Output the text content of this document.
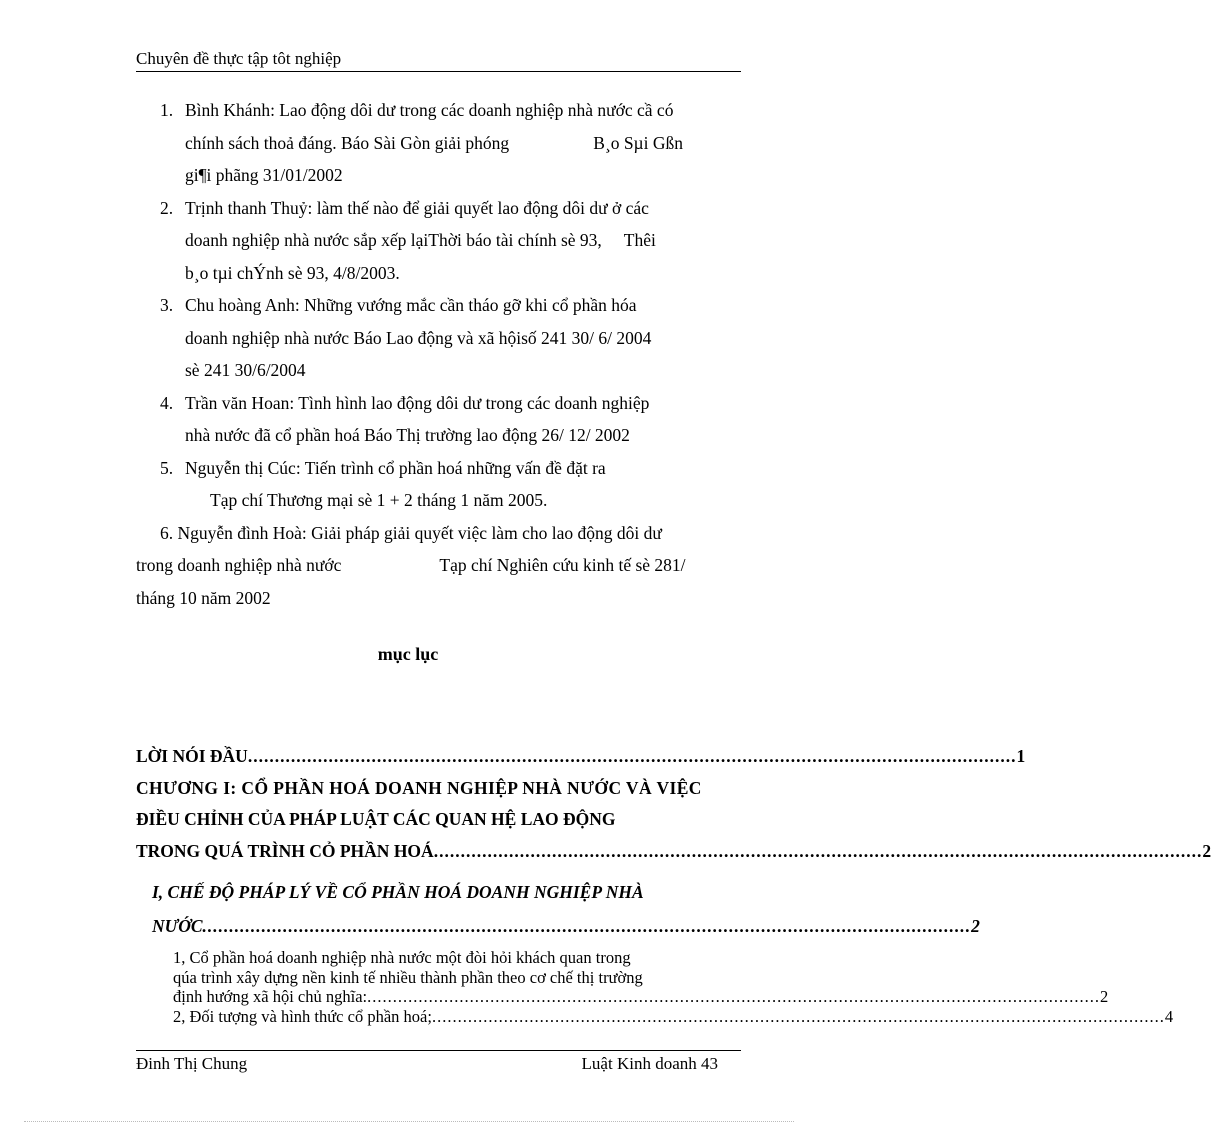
Chuyên đề thực tập tôt nghiệp
1. Bình Khánh: Lao động dôi dư trong các doanh nghiệp nhà nước cầ có
chính sách thoả đáng. Báo Sài Gòn giải phóng	B¸o Sµi Gßn
gi¶i phãng 31/01/2002
2. Trịnh thanh Thuỷ: làm thế nào để giải quyết lao động dôi dư ở các
doanh nghiệp nhà nước sắp xếp lạiThời báo tài chính sè 93, Thêi
b¸o tµi chÝnh sè 93, 4/8/2003.
3. Chu hoàng Anh: Những vướng mắc cần tháo gỡ khi cổ phần hóa
doanh nghiệp nhà nước Báo Lao động và xã hộisố 241 30/ 6/ 2004
sè 241 30/6/2004
4. Trần văn Hoan: Tình hình lao động dôi dư trong các doanh nghiệp
nhà nước đã cổ phần hoá Báo Thị trường lao động 26/ 12/ 2002
5. Nguyễn thị Cúc: Tiến trình cổ phần hoá những vấn đề đặt ra
Tạp chí Thương mại sè 1 + 2 tháng 1 năm 2005.
6. Nguyễn đình Hoà: Giải pháp giải quyết việc làm cho lao động dôi dư
trong doanh nghiệp nhà nước	Tạp chí Nghiên cứu kinh tế sè 281/
tháng 10 năm 2002
mục lục
LỜI NÓI ĐẦU ............................................................................................................................................... 1
CHƯƠNG I: CỔ PHẦN HOÁ DOANH NGHIỆP NHÀ NƯỚC VÀ VIỆC
ĐIỀU CHỈNH CỦA PHÁP LUẬT CÁC QUAN HỆ LAO ĐỘNG
TRONG QUÁ TRÌNH CỎ PHẦN HOÁ ............................................................................................................................................... 2
I, CHẾ ĐỘ PHÁP LÝ VỀ CỔ PHẦN HOÁ DOANH NGHIỆP NHÀ
NƯỚC ............................................................................................................................................... 2
1, Cổ phần hoá doanh nghiệp nhà nước một đòi hỏi khách quan trong
qúa trình xây dựng nền kinh tế nhiều thành phần theo cơ chế thị trường
định hướng xã hội chủ nghĩa: ............................................................................................................................................... 2
2, Đối tượng và hình thức cổ phần hoá; ............................................................................................................................................... 4
Đinh Thị Chung	Luật Kinh doanh 43
